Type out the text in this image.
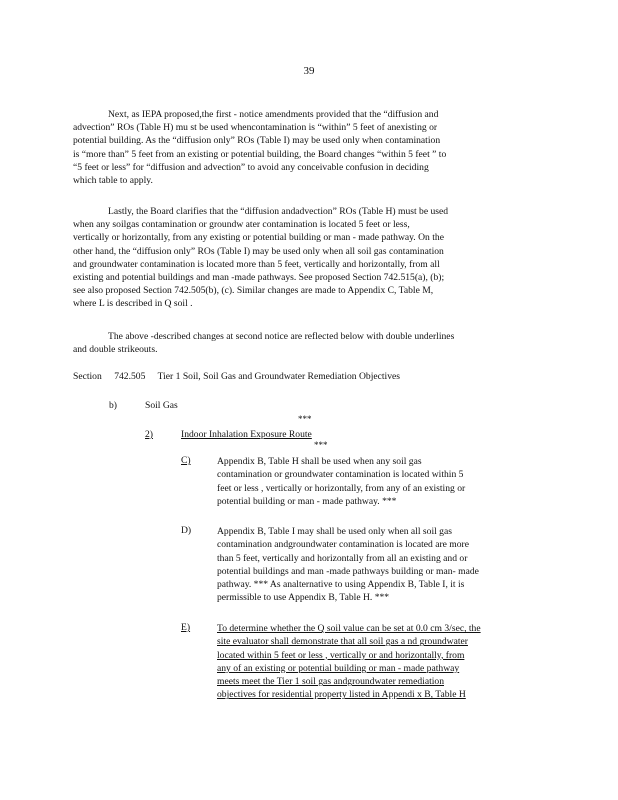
39
Next, as IEPA proposed,the first - notice amendments provided that the “diffusion and
advection” ROs (Table H) mu st be used whencontamination is “within” 5 feet of anexisting or
potential building. As the “diffusion only” ROs (Table I) may be used only when contamination
is “more than” 5 feet from an existing or potential building, the Board changes “within 5 feet ” to
“5 feet or less” for “diffusion and advection” to avoid any conceivable confusion in deciding
which table to apply.
Lastly, the Board clarifies that the “diffusion andadvection” ROs (Table H) must be used
when any soilgas contamination or groundw ater contamination is located 5 feet or less,
vertically or horizontally, from any existing or potential building or man - made pathway. On the
other hand, the “diffusion only” ROs (Table I) may be used only when all soil gas contamination
and groundwater contamination is located more than 5 feet, vertically and horizontally, from all
existing and potential buildings and man -made pathways. See proposed Section 742.515(a), (b);
see also proposed Section 742.505(b), (c). Similar changes are made to Appendix C, Table M,
where L is described in Q soil .
The above -described changes at second notice are reflected below with double underlines
and double strikeouts.
Section 742.505 Tier 1 Soil, Soil Gas and Groundwater Remediation Objectives
b)	Soil Gas
***
2)	Indoor Inhalation Exposure Route
***
C)	Appendix B, Table H shall be used when any soil gas
contamination or groundwater contamination is located within 5
feet or less , vertically or horizontally, from any of an existing or
potential building or man - made pathway. ***
D)	Appendix B, Table I may shall be used only when all soil gas
contamination andgroundwater contamination is located are more
than 5 feet, vertically and horizontally from all an existing and or
potential buildings and man -made pathways building or man- made
pathway. *** As analternative to using Appendix B, Table I, it is
permissible to use Appendix B, Table H. ***
E)	To determine whether the Q soil value can be set at 0.0 cm 3/sec, the
site evaluator shall demonstrate that all soil gas a nd groundwater
located within 5 feet or less , vertically or and horizontally, from
any of an existing or potential building or man - made pathway
meets meet the Tier 1 soil gas andgroundwater remediation
objectives for residential property listed in Appendi x B, Table H
